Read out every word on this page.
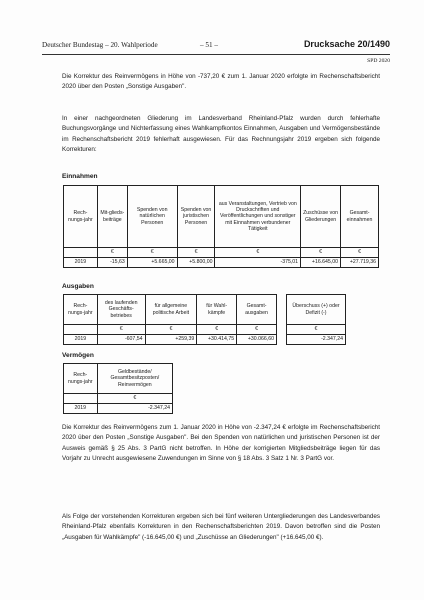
Deutscher Bundestag – 20. Wahlperiode	– 51 –	Drucksache 20/1490
SPD 2020
Die Korrektur des Reinvermögens in Höhe von -737,20 € zum 1. Januar 2020 erfolgte im Rechenschaftsbericht 2020 über den Posten „Sonstige Ausgaben".
In einer nachgeordneten Gliederung im Landesverband Rheinland-Pfalz wurden durch fehlerhafte Buchungsvorgänge und Nichterfassung eines Wahlkampfkontos Einnahmen, Ausgaben und Vermögensbestände im Rechenschaftsbericht 2019 fehlerhaft ausgewiesen. Für das Rechnungsjahr 2019 ergeben sich folgende Korrekturen:
Einnahmen
Rech-nungs-jahr	Mit-glieds-beiträge	Spenden von natürlichen Personen	Spenden von juristischen Personen	aus Veranstaltungen, Vertrieb von Druckschriften und Veröffentlichungen und sonstiger mit Einnahmen verbundener Tätigkeit	Zuschüsse von Gliederungen	Gesamt-einnahmen
	€	€	€	€	€	€
2019	-15,63	+5.665,00	+5.800,00	-375,01	+16.645,00	+27.719,36
Ausgaben
Rech-nungs-jahr	des laufenden Geschäfts-betriebes	für allgemeine politische Arbeit	für Wahl-kämpfe	Gesamt-ausgaben
	€	€	€	€
2019	-607,54	+259,39	+30.414,75	+30.066,60
Überschuss (+) oder Defizit (-)
€
-2.347,24
Vermögen
Rech-nungs-jahr	Geldbestände/ Gesamtbesitzposten/ Reinvermögen
	€
2019	-2.347,24
Die Korrektur des Reinvermögens zum 1. Januar 2020 in Höhe von -2.347,24 € erfolgte im Rechenschaftsbericht 2020 über den Posten „Sonstige Ausgaben". Bei den Spenden von natürlichen und juristischen Personen ist der Ausweis gemäß § 25 Abs. 3 PartG nicht betroffen. In Höhe der korrigierten Mitgliedsbeiträge liegen für das Vorjahr zu Unrecht ausgewiesene Zuwendungen im Sinne von § 18 Abs. 3 Satz 1 Nr. 3 PartG vor.
Als Folge der vorstehenden Korrekturen ergeben sich bei fünf weiteren Untergliederungen des Landesverbandes Rheinland-Pfalz ebenfalls Korrekturen in den Rechenschaftsberichten 2019. Davon betroffen sind die Posten „Ausgaben für Wahlkämpfe" (-16.645,00 €) und „Zuschüsse an Gliederungen" (+16.645,00 €).
